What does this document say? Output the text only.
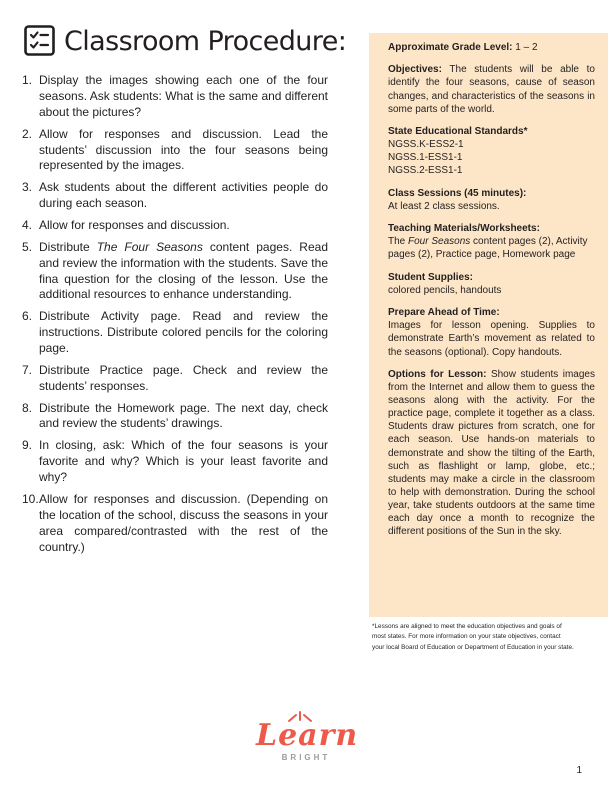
Classroom Procedure:
1. Display the images showing each one of the four seasons. Ask students: What is the same and different about the pictures?
2. Allow for responses and discussion. Lead the students’ discussion into the four seasons being represented by the images.
3. Ask students about the different activities people do during each season.
4. Allow for responses and discussion.
5. Distribute The Four Seasons content pages. Read and review the information with the students. Save the fina question for the closing of the lesson. Use the additional resources to enhance understanding.
6. Distribute Activity page. Read and review the instructions. Distribute colored pencils for the coloring page.
7. Distribute Practice page. Check and review the students’ responses.
8. Distribute the Homework page. The next day, check and review the students’ drawings.
9. In closing, ask: Which of the four seasons is your favorite and why? Which is your least favorite and why?
10. Allow for responses and discussion. (Depending on the location of the school, discuss the seasons in your area compared/contrasted with the rest of the country.)
Approximate Grade Level: 1 – 2
Objectives: The students will be able to identify the four seasons, cause of season changes, and characteristics of the seasons in some parts of the world.
State Educational Standards*
NGSS.K-ESS2-1
NGSS.1-ESS1-1
NGSS.2-ESS1-1
Class Sessions (45 minutes):
At least 2 class sessions.
Teaching Materials/Worksheets:
The Four Seasons content pages (2), Activity pages (2), Practice page, Homework page
Student Supplies:
colored pencils, handouts
Prepare Ahead of Time:
Images for lesson opening. Supplies to demonstrate Earth’s movement as related to the seasons (optional). Copy handouts.
Options for Lesson: Show students images from the Internet and allow them to guess the seasons along with the activity. For the practice page, complete it together as a class. Students draw pictures from scratch, one for each season. Use hands-on materials to demonstrate and show the tilting of the Earth, such as flashlight or lamp, globe, etc.; students may make a circle in the classroom to help with demonstration. During the school year, take students outdoors at the same time each day once a month to recognize the different positions of the Sun in the sky.

*Lessons are aligned to meet the education objectives and goals of
most states. For more information on your state objectives, contact
your local Board of Education or Department of Education in your state.

Learn
BRIGHT
1
